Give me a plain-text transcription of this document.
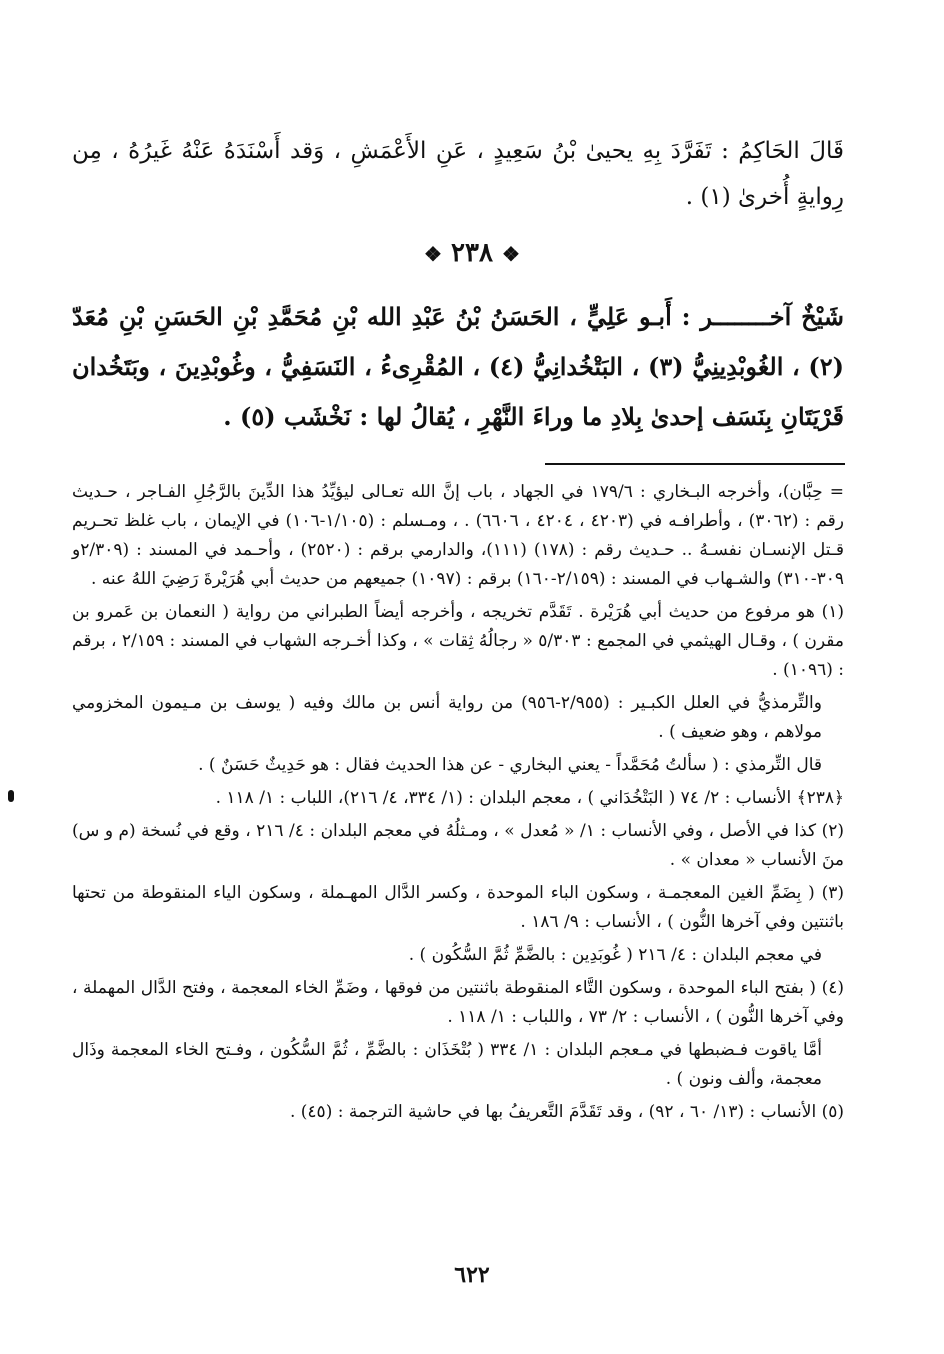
قَالَ الحَاكِمُ : تَفَرَّدَ بِهِ يحيىٰ بْنُ سَعِيدٍ ، عَنِ الأَعْمَشِ ، وَقد أَسْنَدَهُ عَنْهُ غَيرُهُ ، مِن رِوايةٍ أُخرىٰ (١) .
❖ ٢٣٨ ❖
شَيْخٌ آخــــــــر : أَبـو عَلِيٍّ ، الحَسَنُ بْنُ عَبْدِ الله بْنِ مُحَمَّدِ بْنِ الحَسَنِ بْنِ مُعَدّ (٢) ، الغُوبْدِينِيُّ (٣) ، البَتْخُدانِيُّ (٤) ، المُقْرِىءُ ، النَسَفِيُّ ، وغُوبْدِينَ ، وبَتَخُدان قَرْيَتَانِ بِنَسَف إحدىٰ بِلادِ ما وراءَ النَّهْرِ ، يُقالُ لها : نَخْشَب (٥) .
= حِبَّان)، وأخرجه البـخاري : ١٧٩/٦ في الجهاد ، باب إنَّ الله تعـالى ليؤيِّدُ هذا الدِّينَ بالرَّجُلِ الفـاجر ، حـديث رقم : (٣٠٦٢) ، وأطرافـه في (٤٢٠٣ ، ٤٢٠٤ ، ٦٦٠٦) . ، ومـسلم : (١/١٠٥-١٠٦) في الإيمان ، باب غلظ تحـريم قـتل الإنسـان نفسـهُ .. حـديث رقم : (١٧٨) (١١١)، والدارمي برقم : (٢٥٢٠) ، وأحـمد في المسند : (٢/٣٠٩و ٣٠٩-٣١٠) والشـهاب في المسند : (٢/١٥٩-١٦٠) برقم : (١٠٩٧) جميعهم من حديث أبي هُرَيْرةَ رَضِيَ اللهُ عنه .
(١) هو مرفوع من حديث أبي هُرَيْرة . تَقَدَّم تخريجه ، وأخرجه أيضاً الطبراني من رواية ( النعمان بن عَمرو بن مقرن ) ، وقـال الهيثمي في المجمع : ٥/٣٠٣ « رجالُهُ ثِقات » ، وكذا أخـرجه الشهاب في المسند : ٢/١٥٩ ، برقم : (١٠٩٦) .
والتِّرمذيُّ في العلل الكبـير : (٢/٩٥٥-٩٥٦) من رواية أنس بن مالك وفيه ( يوسف بن مـيمون المخزومي مولاهم ، وهو ضعيف ) .
قال التِّرمذي : ( سألتُ مُحَمَّداً - يعني البخاري - عن هذا الحديث فقال : هو حَدِيثٌ حَسَنٌ ) .
﴿٢٣٨﴾ الأنساب : ٢/ ٧٤ ( البَتْخُدَاني ) ، معجم البلدان : (١/ ٣٣٤، ٤/ ٢١٦)، اللباب : ١/ ١١٨ .
(٢) كذا في الأصل ، وفي الأنساب : ١/ « مُعدل » ، ومـثلُهُ في معجم البلدان : ٤/ ٢١٦ ، وقع في نُسخة (م و س) منَ الأنساب « معدان » .
(٣) ( بِضَمِّ الغين المعجمـة ، وسكون الباء الموحدة ، وكسر الدَّال المهـملة ، وسكون الياء المنقوطة من تحتها باثنتين وفي آخرها النُّون ) ، الأنساب : ٩/ ١٨٦ .
في معجم البلدان : ٤/ ٢١٦ ( غُوبَدِين : بالضَّمِّ ثُمَّ السُّكُون ) .
(٤) ( بفتح الباء الموحدة ، وسكون التَّاء المنقوطة باثنتين من فوقها ، وضَمِّ الخاء المعجمة ، وفتح الدَّال المهملة ، وفي آخرها النُّون ) ، الأنساب : ٢/ ٧٣ ، واللباب : ١/ ١١٨ .
أمَّا ياقوت فـضبطها في مـعجم البلدان : ١/ ٣٣٤ ( بُتْخَذَان : بالضَّمِّ ، ثُمَّ السُّكُون ، وفـتح الخاء المعجمة وذَال معجمة، وألف ونون ) .
(٥) الأنساب : (١٣/ ٦٠ ، ٩٢) ، وقد تَقَدَّمَ التَّعريفُ بها في حاشية الترجمة : (٤٥) .
٦٢٢
